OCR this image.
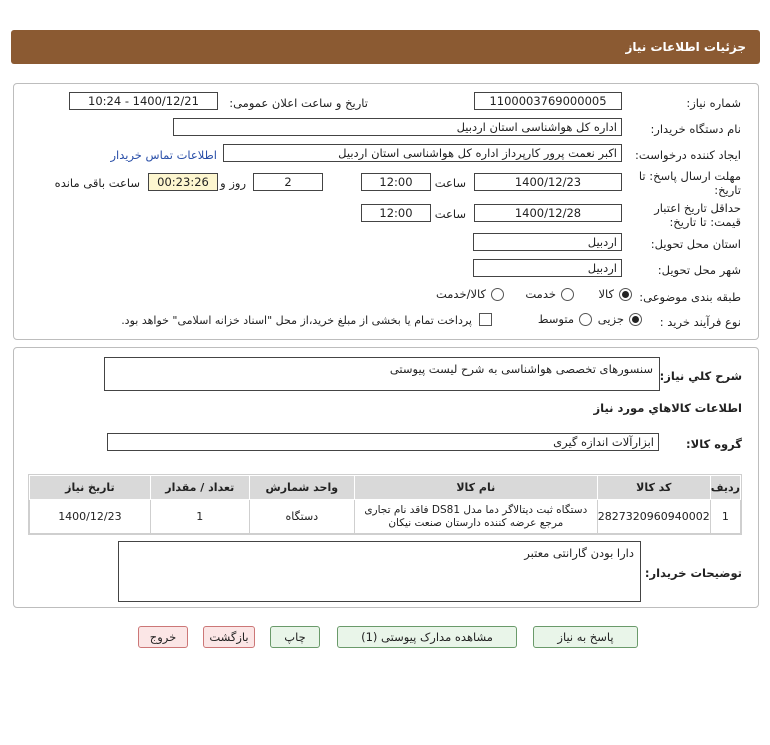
جزئیات اطلاعات نیاز
شماره نیاز:
1100003769000005
تاریخ و ساعت اعلان عمومی:
1400/12/21 - 10:24
نام دستگاه خریدار:
اداره کل هواشناسی استان اردبیل
ایجاد کننده درخواست:
اکبر نعمت پرور کارپرداز اداره کل هواشناسی استان اردبیل
اطلاعات تماس خریدار
مهلت ارسال پاسخ: تا
تاریخ:
1400/12/23
ساعت
12:00
2
روز و
00:23:26
ساعت باقی مانده
حداقل تاریخ اعتبار
قیمت: تا تاریخ:
1400/12/28
ساعت
12:00
استان محل تحویل:
اردبیل
شهر محل تحویل:
اردبیل
طبقه بندی موضوعی:
کالا
خدمت
کالا/خدمت
نوع فرآیند خرید :
جزیی
متوسط
پرداخت تمام یا بخشی از مبلغ خرید،از محل "اسناد خزانه اسلامی" خواهد بود.
شرح کلي نياز:
سنسورهای تخصصی هواشناسی به شرح لیست پیوستی
اطلاعات کالاهاي مورد نياز
گروه کالا:
ابزارآلات اندازه گیری
ردیف	کد کالا	نام کالا	واحد شمارش	تعداد / مقدار	تاریخ نیاز
1	2827320960940002	دستگاه ثبت دیتالاگر دما مدل DS81 فاقد نام تجاری مرجع عرضه کننده دارستان صنعت نیکان	دستگاه	1	1400/12/23
توضیحات خریدار:
دارا بودن گارانتی معتبر
پاسخ به نیاز
مشاهده مدارک پیوستی (1)
چاپ
بازگشت
خروج
